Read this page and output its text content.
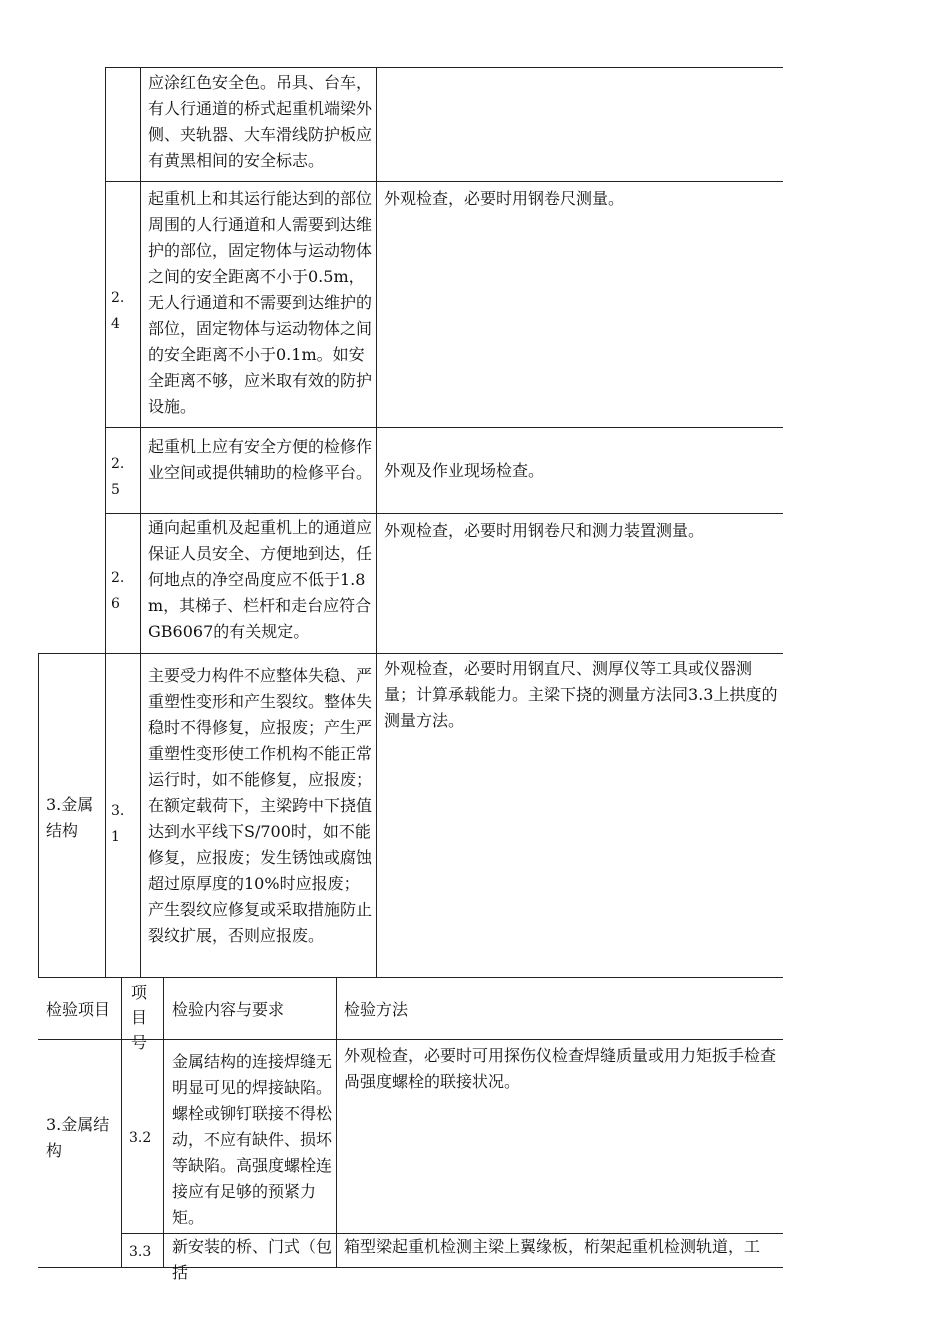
应涂红色安全色。吊具、台车，有人行通道的桥式起重机端梁外侧、夹轨器、大车滑线防护板应有黄黑相间的安全标志。
2.
4
起重机上和其运行能达到的部位周围的人行通道和人需要到达维护的部位，固定物体与运动物体之间的安全距离不小于0.5m，无人行通道和不需要到达维护的部位，固定物体与运动物体之间的安全距离不小于0.1m。如安全距离不够，应米取有效的防护设施。
外观检查，必要时用钢卷尺测量。
2.
5
起重机上应有安全方便的检修作业空间或提供辅助的检修平台。 外观及作业现场检查。
2.
6
通向起重机及起重机上的通道应保证人员安全、方便地到达，任何地点的净空咼度应不低于1.8m，其梯子、栏杆和走台应符合GB6067的有关规定。
外观检查，必要时用钢卷尺和测力装置测量。
3.金属
结构
3.
1
主要受力构件不应整体失稳、严重塑性变形和产生裂纹。整体失稳时不得修复，应报废；产生严重塑性变形使工作机构不能正常运行时，如不能修复，应报废；在额定载荷下，主梁跨中下挠值达到水平线下S/700时，如不能修复，应报废；发生锈蚀或腐蚀超过原厚度的10%时应报废；产生裂纹应修复或采取措施防止裂纹扩展，否则应报废。
外观检查，必要时用钢直尺、测厚仪等工具或仪器测量；计算承载能力。主梁下挠的测量方法同3.3上拱度的测量方法。
检验项目
项
目
号
检验内容与要求	检验方法
3.金属结
构
3.2
金属结构的连接焊缝无明显可见的焊接缺陷。螺栓或铆钉联接不得松动，不应有缺件、损坏等缺陷。高强度螺栓连接应有足够的预紧力矩。
外观检查，必要时可用探伤仪检查焊缝质量或用力矩扳手检查咼强度螺栓的联接状况。
3.3	新安装的桥、门式（包括
箱型梁起重机检测主梁上翼缘板，桁架起重机检测轨道，工
